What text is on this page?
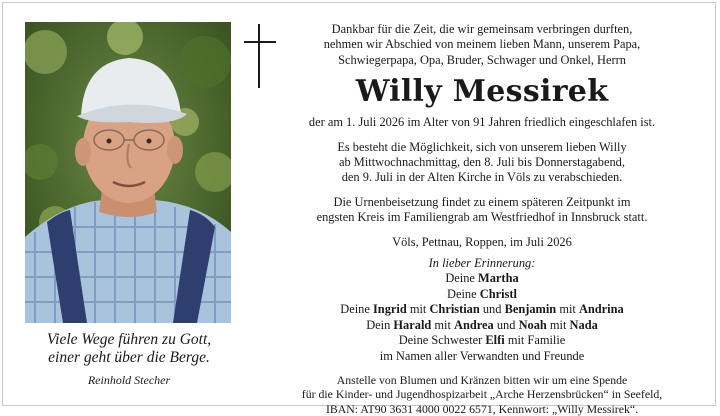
Dankbar für die Zeit, die wir gemeinsam verbringen durften,

nehmen wir Abschied von meinem lieben Mann, unserem Papa,

Schwiegerpapa, Opa, Bruder, Schwager und Onkel, Herrn

Willy Messirek

der am 1. Juli 2026 im Alter von 91 Jahren friedlich eingeschlafen ist.

Es besteht die Möglichkeit, sich von unserem lieben Willy

ab Mittwochnachmittag, den 8. Juli bis Donnerstagabend,

den 9. Juli in der Alten Kirche in Völs zu verabschieden.

Die Urnenbeisetzung findet zu einem späteren Zeitpunkt im

engsten Kreis im Familiengrab am Westfriedhof in Innsbruck statt.

Völs, Pettnau, Roppen, im Juli 2026

In lieber Erinnerung:

Deine Martha

Deine Christl

Deine Ingrid mit Christian und Benjamin mit Andrina

Dein Harald mit Andrea und Noah mit Nada

Deine Schwester Elfi mit Familie

im Namen aller Verwandten und Freunde

Anstelle von Blumen und Kränzen bitten wir um eine Spende

für die Kinder- und Jugendhospizarbeit „Arche Herzensbrücken“ in Seefeld,

IBAN: AT90 3631 4000 0022 6571, Kennwort: „Willy Messirek“.

Viele Wege führen zu Gott,
einer geht über die Berge.
Reinhold Stecher
